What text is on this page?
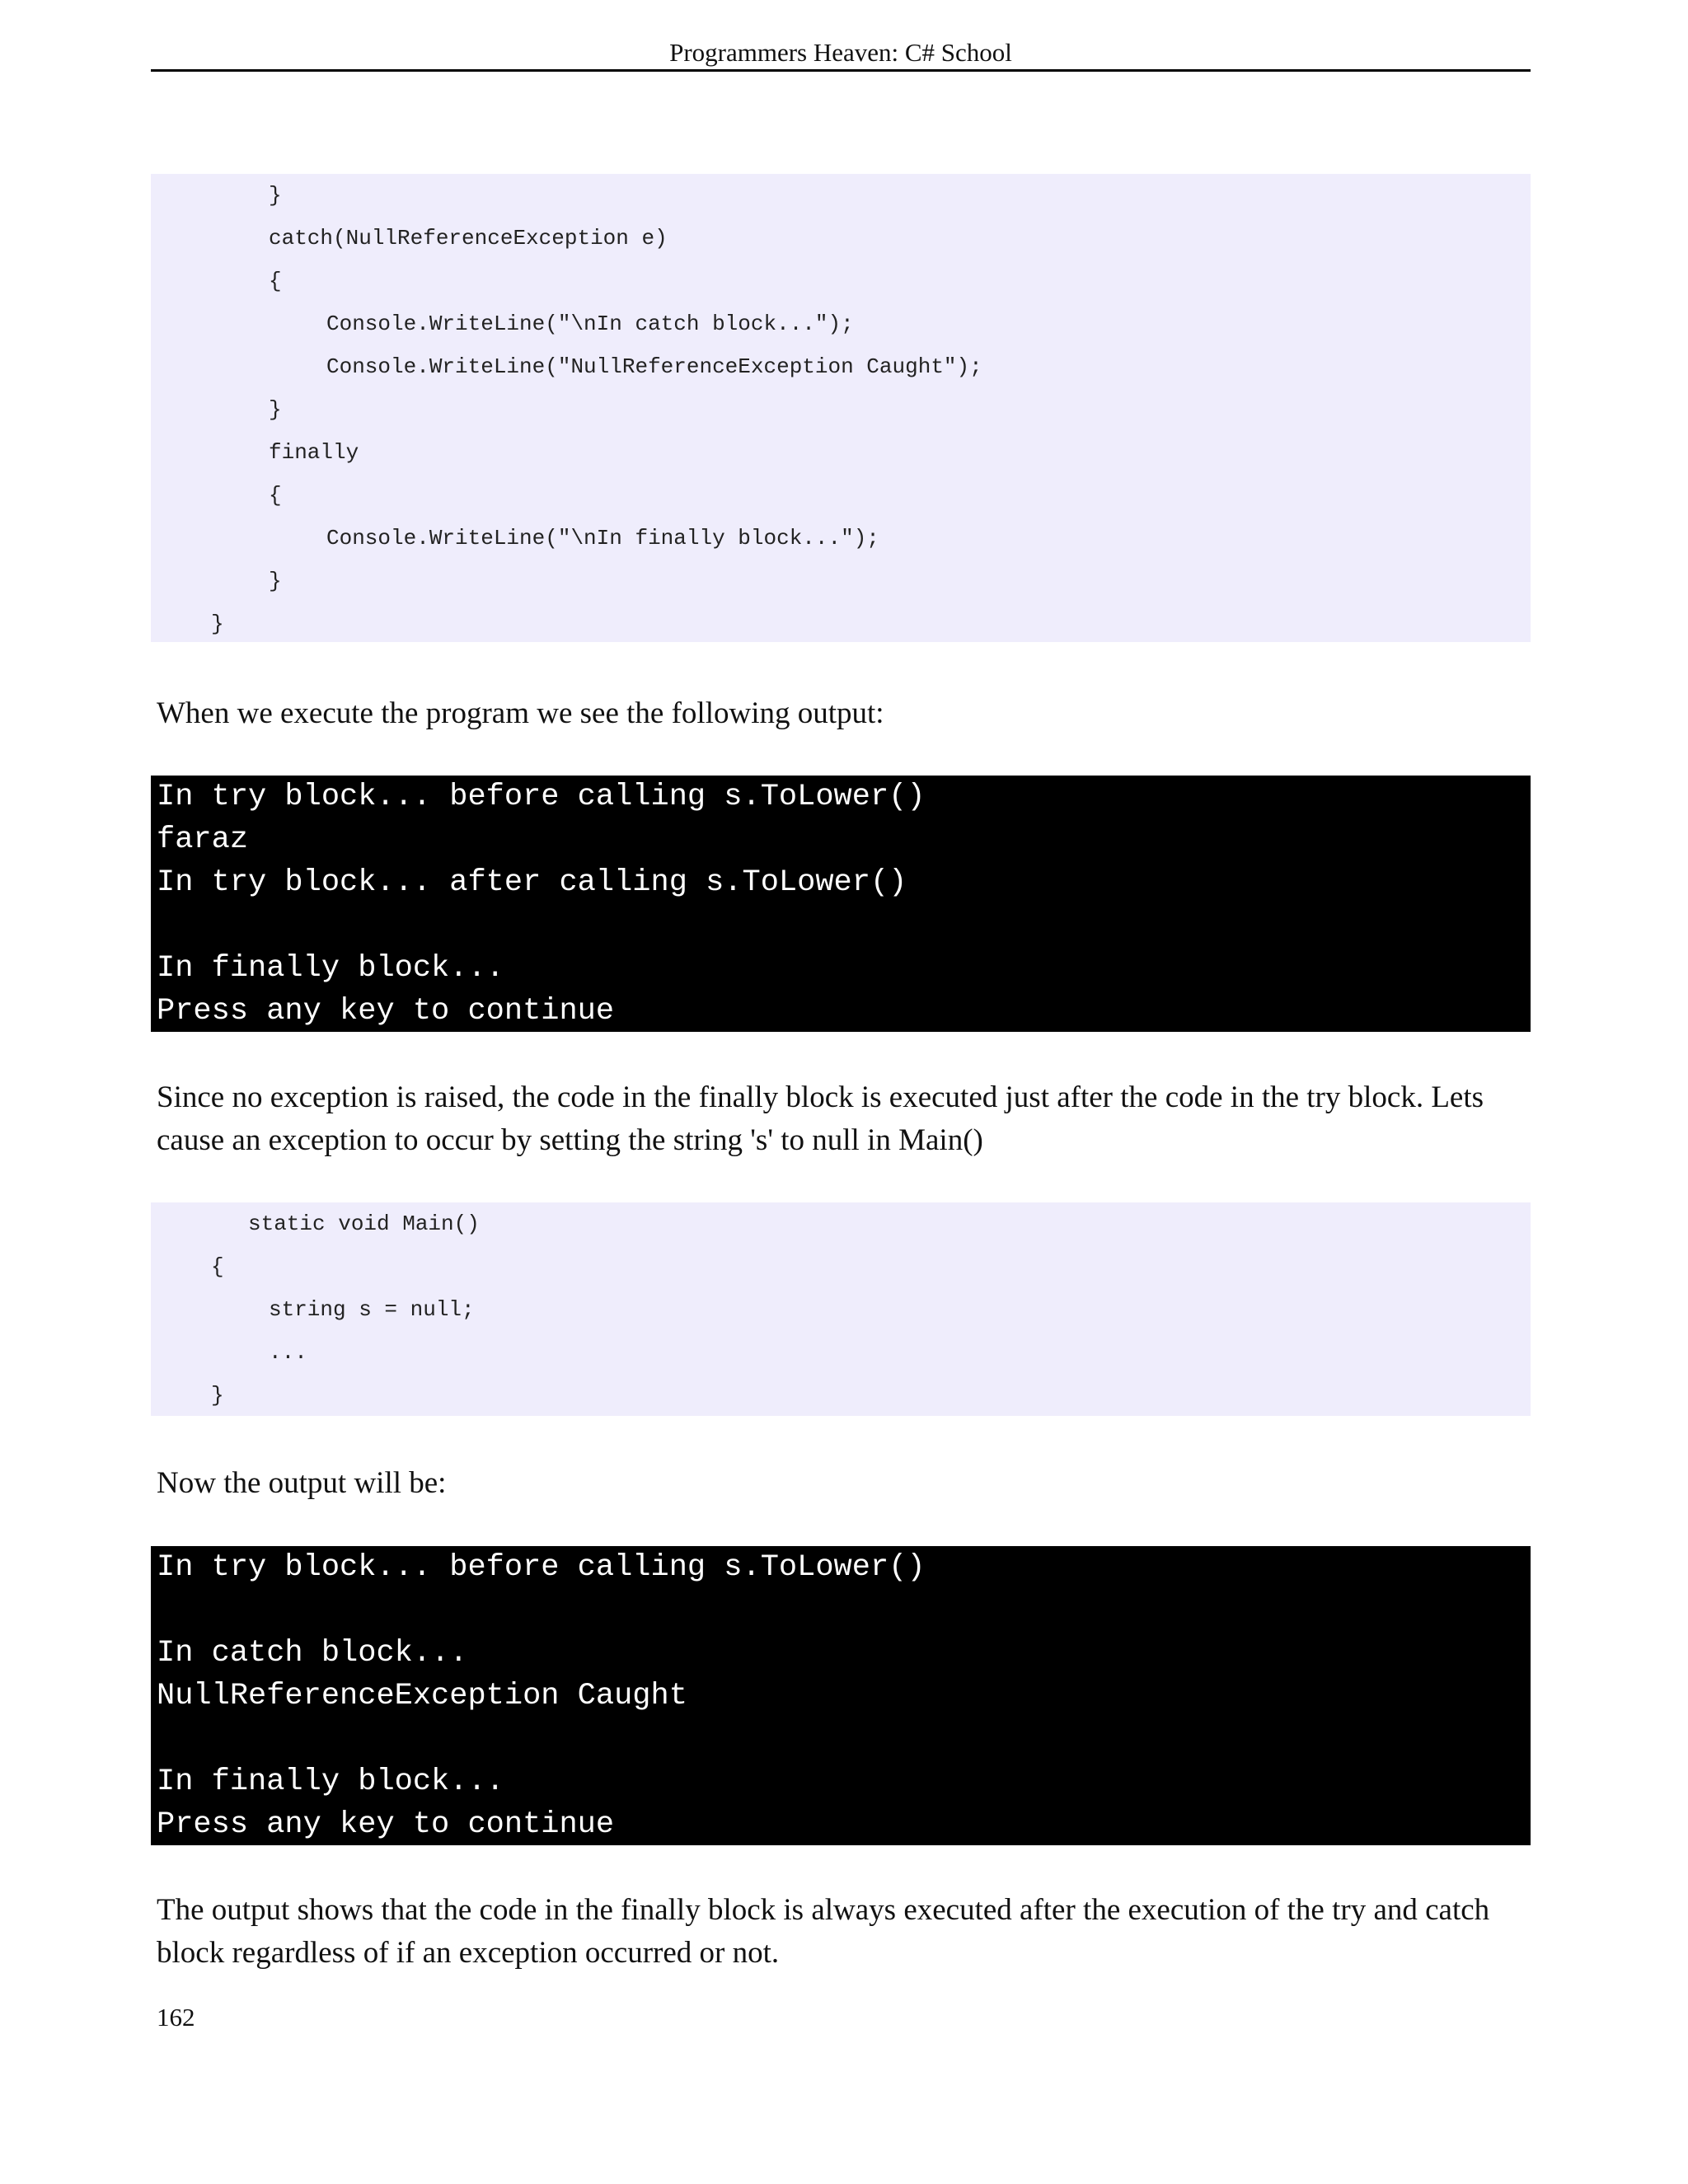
Programmers Heaven: C# School
}
catch(NullReferenceException e)
{
Console.WriteLine("\nIn catch block...");
Console.WriteLine("NullReferenceException Caught");
}
finally
{
Console.WriteLine("\nIn finally block...");
}
}

When we execute the program we see the following output:

In try block... before calling s.ToLower()
faraz
In try block... after calling s.ToLower()
In finally block...
Press any key to continue

Since no exception is raised, the code in the finally block is executed just after the code in the try block. Lets cause an exception to occur by setting the string 's' to null in Main()

static void Main()
{
string s = null;
...
}

Now the output will be:

In try block... before calling s.ToLower()
In catch block...
NullReferenceException Caught
In finally block...
Press any key to continue

The output shows that the code in the finally block is always executed after the execution of the try and catch block regardless of if an exception occurred or not.

162
